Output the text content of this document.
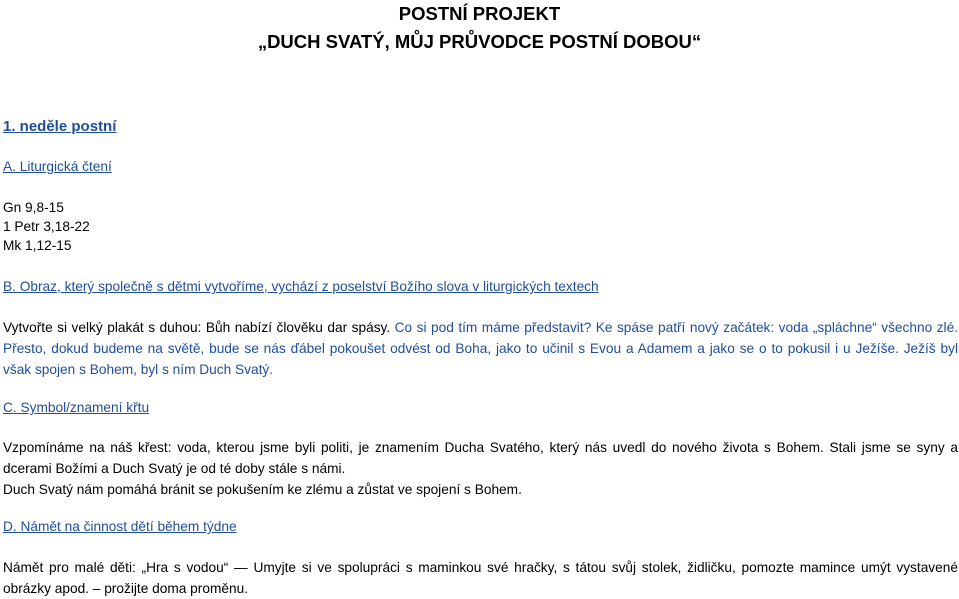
POSTNÍ PROJEKT
„DUCH SVATÝ, MŮJ PRŮVODCE POSTNÍ DOBOU“
1. neděle postní
A. Liturgická čtení
Gn 9,8-15
1 Petr 3,18-22
Mk 1,12-15
B. Obraz, který společně s dětmi vytvoříme, vychází z poselství Božího slova v liturgických textech

Vytvořte si velký plakát s duhou: Bůh nabízí člověku dar spásy. Co si pod tím máme představit? Ke spáse patří nový začátek: voda „spláchne“ všechno zlé. Přesto, dokud budeme na světě, bude se nás ďábel pokoušet odvést od Boha, jako to učinil s Evou a Adamem a jako se o to pokusil i u Ježíše. Ježíš byl však spojen s Bohem, byl s ním Duch Svatý.

C. Symbol/znamení křtu

Vzpomínáme na náš křest: voda, kterou jsme byli politi, je znamením Ducha Svatého, který nás uvedl do nového života s Bohem. Stali jsme se syny a dcerami Božími a Duch Svatý je od té doby stále s námi.

Duch Svatý nám pomáhá bránit se pokušením ke zlému a zůstat ve spojení s Bohem.

D. Námět na činnost dětí během týdne

Námět pro malé děti: „Hra s vodou“ — Umyjte si ve spolupráci s maminkou své hračky, s tátou svůj stolek, židličku, pomozte mamince umýt vystavené obrázky apod. – prožijte doma proměnu.
